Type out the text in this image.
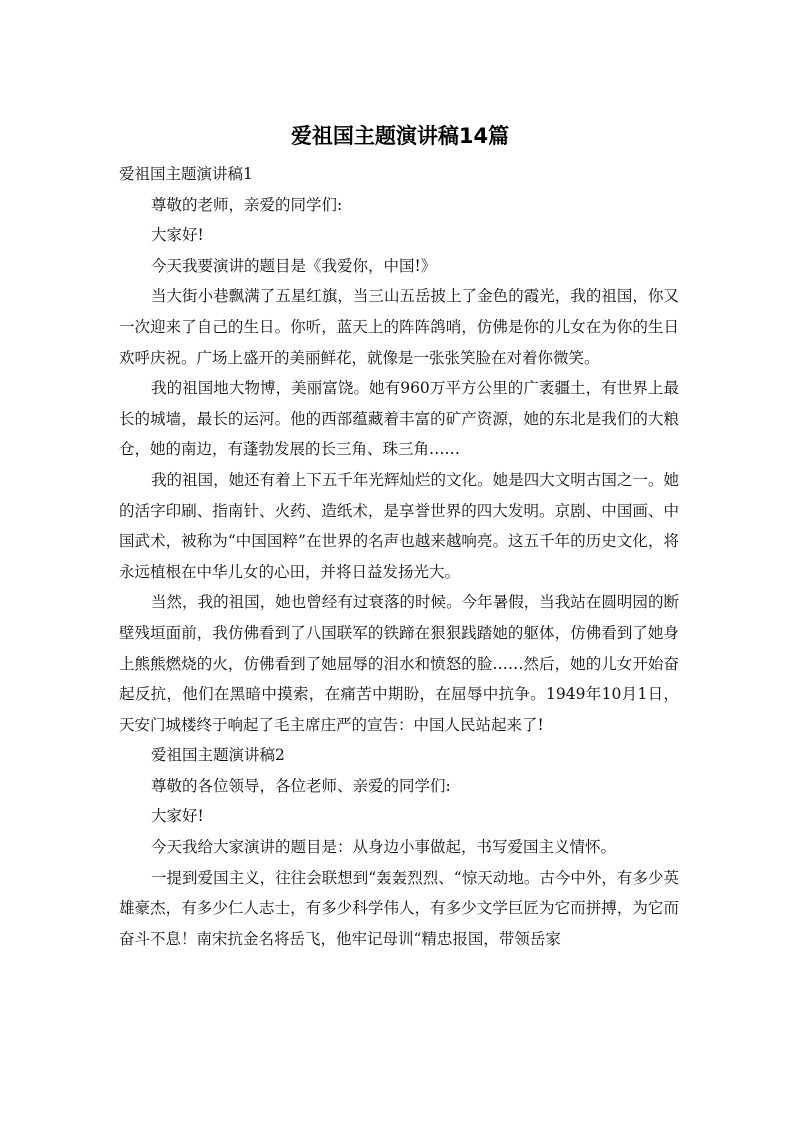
爱祖国主题演讲稿14篇

爱祖国主题演讲稿1

尊敬的老师，亲爱的同学们:

大家好!

今天我要演讲的题目是《我爱你，中国!》

当大街小巷飘满了五星红旗，当三山五岳披上了金色的霞光，我的祖国，你又一次迎来了自己的生日。你听，蓝天上的阵阵鸽哨，仿佛是你的儿女在为你的生日欢呼庆祝。广场上盛开的美丽鲜花，就像是一张张笑脸在对着你微笑。

我的祖国地大物博，美丽富饶。她有960万平方公里的广袤疆土，有世界上最长的城墙，最长的运河。他的西部蕴藏着丰富的矿产资源，她的东北是我们的大粮仓，她的南边，有蓬勃发展的长三角、珠三角……

我的祖国，她还有着上下五千年光辉灿烂的文化。她是四大文明古国之一。她的活字印刷、指南针、火药、造纸术，是享誉世界的四大发明。京剧、中国画、中国武术，被称为“中国国粹”在世界的名声也越来越响亮。这五千年的历史文化，将永远植根在中华儿女的心田，并将日益发扬光大。

当然，我的祖国，她也曾经有过衰落的时候。今年暑假，当我站在圆明园的断壁残垣面前，我仿佛看到了八国联军的铁蹄在狠狠践踏她的躯体，仿佛看到了她身上熊熊燃烧的火，仿佛看到了她屈辱的泪水和愤怒的脸……然后，她的儿女开始奋起反抗，他们在黑暗中摸索，在痛苦中期盼，在屈辱中抗争。1949年10月1日，天安门城楼终于响起了毛主席庄严的宣告：中国人民站起来了!

爱祖国主题演讲稿2

尊敬的各位领导，各位老师、亲爱的同学们:

大家好!

今天我给大家演讲的题目是：从身边小事做起，书写爱国主义情怀。

一提到爱国主义，往往会联想到“轰轰烈烈、“惊天动地。古今中外，有多少英雄豪杰，有多少仁人志士，有多少科学伟人，有多少文学巨匠为它而拼搏，为它而奋斗不息！南宋抗金名将岳飞，他牢记母训“精忠报国，带领岳家
